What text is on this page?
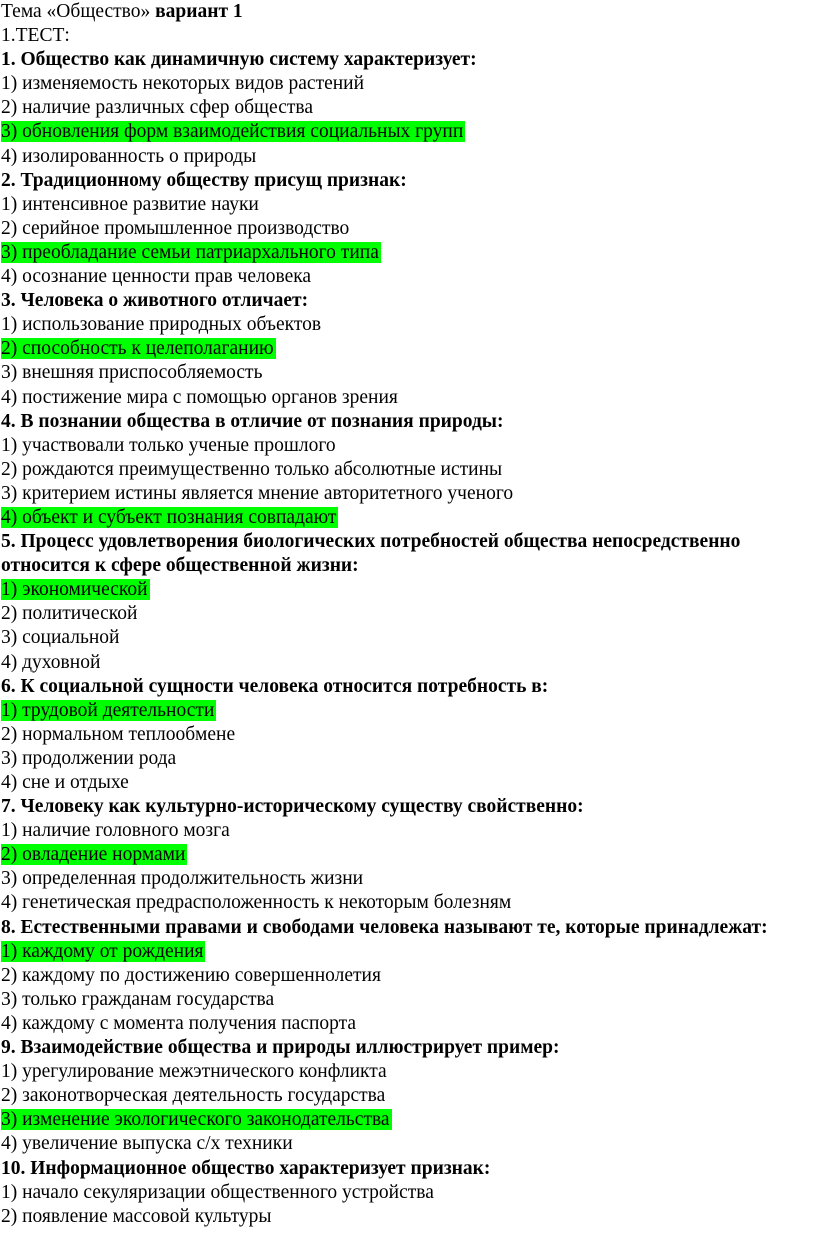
Тема «Общество» вариант 1
1.ТЕСТ:
1. Общество как динамичную систему характеризует:
1) изменяемость некоторых видов растений
2) наличие различных сфер общества
3) обновления форм взаимодействия социальных групп
4) изолированность о природы
2. Традиционному обществу присущ признак:
1) интенсивное развитие науки
2) серийное промышленное производство
3) преобладание семьи патриархального типа
4) осознание ценности прав человека
3. Человека о животного отличает:
1) использование природных объектов
2) способность к целеполаганию
3) внешняя приспособляемость
4) постижение мира с помощью органов зрения
4. В познании общества в отличие от познания природы:
1) участвовали только ученые прошлого
2) рождаются преимущественно только абсолютные истины
3) критерием истины является мнение авторитетного ученого
4) объект и субъект познания совпадают
5. Процесс удовлетворения биологических потребностей общества непосредственно относится к сфере общественной жизни:
1) экономической
2) политической
3) социальной
4) духовной
6. К социальной сущности человека относится потребность в:
1) трудовой деятельности
2) нормальном теплообмене
3) продолжении рода
4) сне и отдыхе
7. Человеку как культурно-историческому существу свойственно:
1) наличие головного мозга
2) овладение нормами
3) определенная продолжительность жизни
4) генетическая предрасположенность к некоторым болезням
8. Естественными правами и свободами человека называют те, которые принадлежат:
1) каждому от рождения
2) каждому по достижению совершеннолетия
3) только гражданам государства
4) каждому с момента получения паспорта
9. Взаимодействие общества и природы иллюстрирует пример:
1) урегулирование межэтнического конфликта
2) законотворческая деятельность государства
3) изменение экологического законодательства
4) увеличение выпуска с/х техники
10. Информационное общество характеризует признак:
1) начало секуляризации общественного устройства
2) появление массовой культуры
